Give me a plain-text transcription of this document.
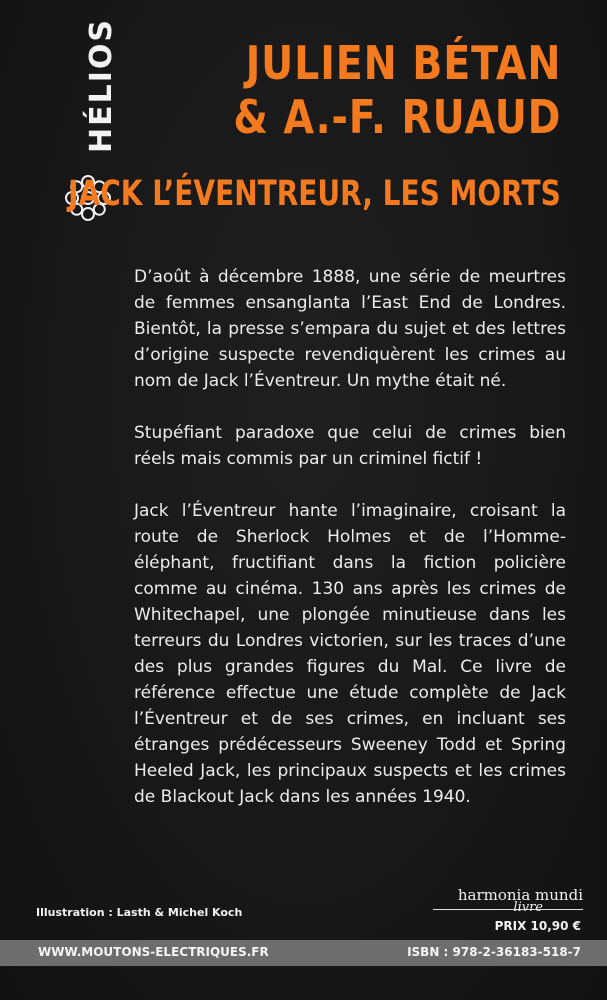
HÉLIOS	JULIEN BÉTAN
& A.-F. RUAUD
JACK L’ÉVENTREUR, LES MORTS

D’août à décembre 1888, une série de meurtres de femmes ensanglanta l’East End de Londres. Bientôt, la presse s’empara du sujet et des lettres d’origine suspecte revendiquèrent les crimes au nom de Jack l’Éventreur. Un mythe était né.

Stupéfiant paradoxe que celui de crimes bien réels mais commis par un criminel fictif !

Jack l’Éventreur hante l’imaginaire, croisant la route de Sherlock Holmes et de l’Homme-éléphant, fructifiant dans la fiction policière comme au cinéma. 130 ans après les crimes de Whitechapel, une plongée minutieuse dans les terreurs du Londres victorien, sur les traces d’une des plus grandes figures du Mal. Ce livre de référence effectue une étude complète de Jack l’Éventreur et de ses crimes, en incluant ses étranges prédécesseurs Sweeney Todd et Spring Heeled Jack, les principaux suspects et les crimes de Blackout Jack dans les années 1940.

Illustration : Lasth & Michel Koch
harmonia mundi
livre
PRIX 10,90 €
WWW.MOUTONS-ELECTRIQUES.FR	ISBN : 978-2-36183-518-7
